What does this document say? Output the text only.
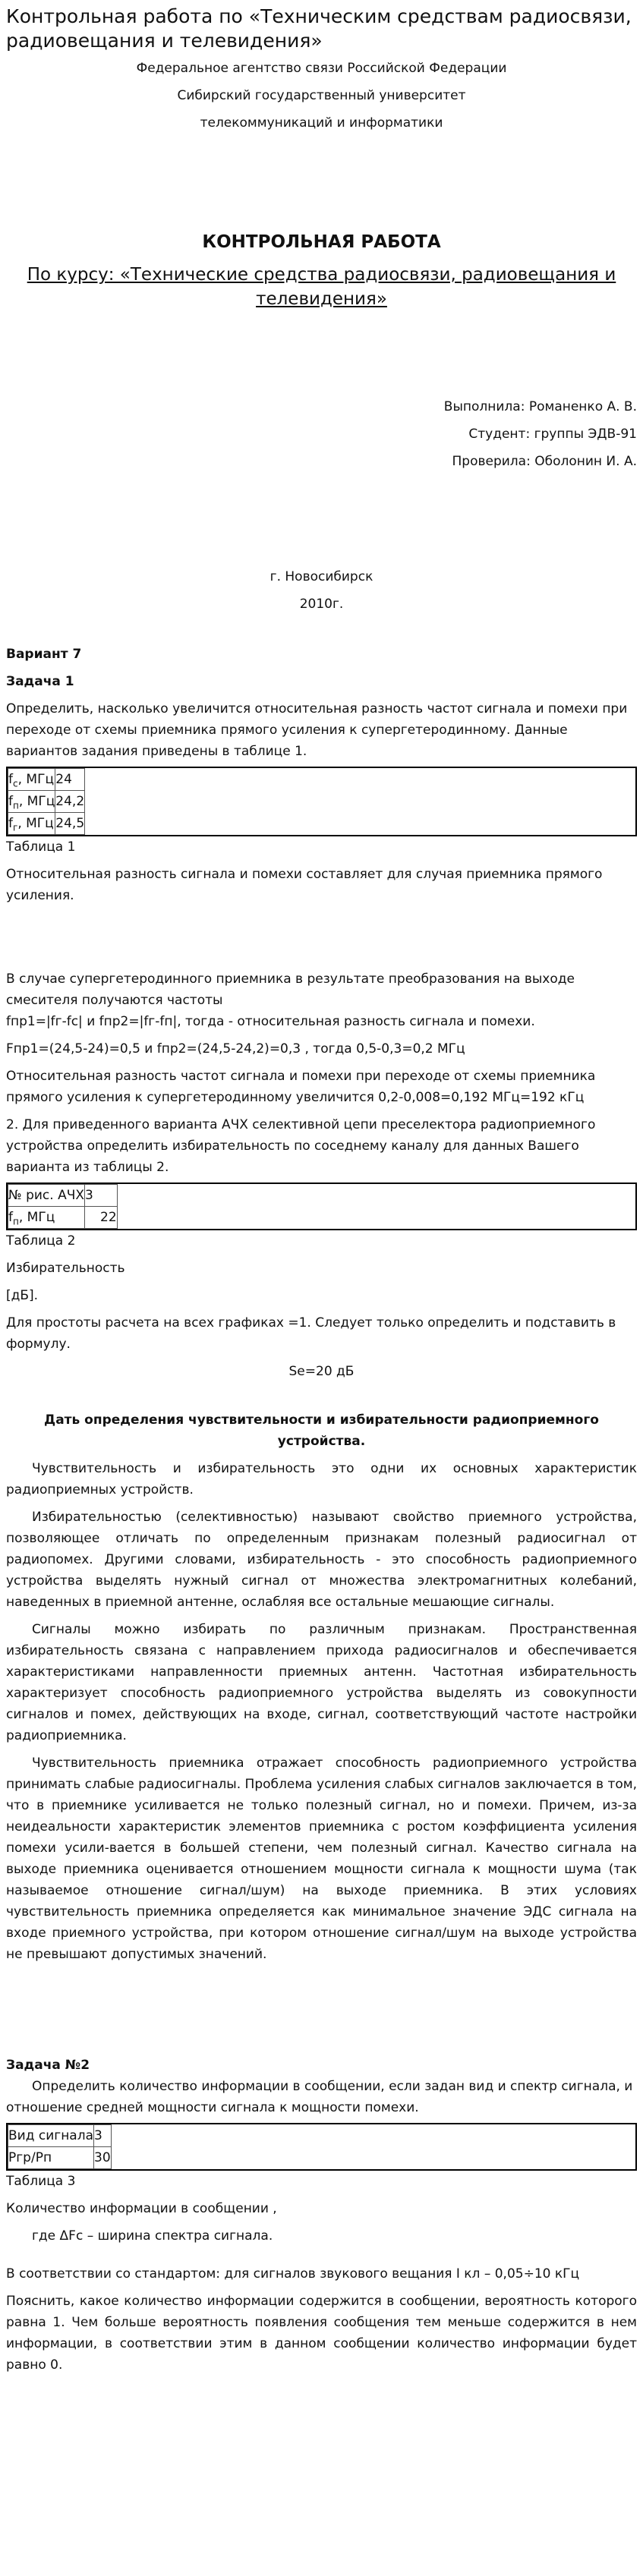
Контрольная работа по «Техническим средствам радиосвязи, радиовещания и телевидения»

Федеральное агентство связи Российской Федерации

Сибирский государственный университет

телекоммуникаций и информатики

КОНТРОЛЬНАЯ РАБОТА

По курсу: «Технические средства радиосвязи, радиовещания и телевидения»

Выполнила: Романенко А. В.

Студент: группы ЭДВ-91

Проверила: Оболонин И. А.

г. Новосибирск

2010г.

Вариант 7

Задача 1

Определить, насколько увеличится относительная разность частот сигнала и помехи при переходе от схемы приемника прямого усиления к супергетеродинному. Данные вариантов задания приведены в таблице 1.

$f_c$, МГц	24
$f_п$, МГц	24,2
$f_г$, МГц	24,5

Таблица 1

Относительная разность сигнала и помехи составляет для случая приемника прямого усиления.

В случае супергетеродинного приемника в результате преобразования на выходе смесителя получаются частоты

fпр1=|fг-fc| и fпр2=|fг-fп|, тогда - относительная разность сигнала и помехи.

Fпр1=(24,5-24)=0,5 и fпр2=(24,5-24,2)=0,3 , тогда 0,5-0,3=0,2 МГц

Относительная разность частот сигнала и помехи при переходе от схемы приемника прямого усиления к супергетеродинному увеличится 0,2-0,008=0,192 МГц=192 кГц

2. Для приведенного варианта АЧХ селективной цепи преселектора радиоприемного устройства определить избирательность по соседнему каналу для данных Вашего варианта из таблицы 2.

№ рис. АЧХ	3
$f_п$, МГц	22

Таблица 2

Избирательность

[дБ].

Для простоты расчета на всех графиках =1. Следует только определить и подставить в формулу.

Se=20 дБ

Дать определения чувствительности и избирательности радиоприемного устройства.

Чувствительность и избирательность это одни их основных характеристик радиоприемных устройств.

Избирательностью (селективностью) называют свойство приемного устройства, позволяющее отличать по определенным признакам полезный радиосигнал от радиопомех. Другими словами, избирательность - это способность радиоприемного устройства выделять нужный сигнал от множества электромагнитных колебаний, наведенных в приемной антенне, ослабляя все остальные мешающие сигналы.

Сигналы можно избирать по различным признакам. Пространственная избирательность связана с направлением прихода радиосигналов и обеспечивается характеристиками направленности приемных антенн. Частотная избирательность характеризует способность радиоприемного устройства выделять из совокупности сигналов и помех, действующих на входе, сигнал, соответствующий частоте настройки радиоприемника.

Чувствительность приемника отражает способность радиоприемного устройства принимать слабые радиосигналы. Проблема усиления слабых сигналов заключается в том, что в приемнике усиливается не только полезный сигнал, но и помехи. Причем, из-за неидеальности характеристик элементов приемника с ростом коэффициента усиления помехи усили-вается в большей степени, чем полезный сигнал. Качество сигнала на выходе приемника оценивается отношением мощности сигнала к мощности шума (так называемое отношение сигнал/шум) на выходе приемника. В этих условиях чувствительность приемника определяется как минимальное значение ЭДС сигнала на входе приемного устройства, при котором отношение сигнал/шум на выходе устройства не превышают допустимых значений.

Задача №2

Определить количество информации в сообщении, если задан вид и спектр сигнала, и отношение средней мощности сигнала к мощности помехи.

Вид сигнала	3
Ргр/Рп	30

Таблица 3

Количество информации в сообщении ,

где ΔFc – ширина спектра сигнала.

В соответствии со стандартом: для сигналов звукового вещания I кл – 0,05÷10 кГц

Пояснить, какое количество информации содержится в сообщении, вероятность которого равна 1. Чем больше вероятность появления сообщения тем меньше содержится в нем информации, в соответствии этим в данном сообщении количество информации будет равно 0.
